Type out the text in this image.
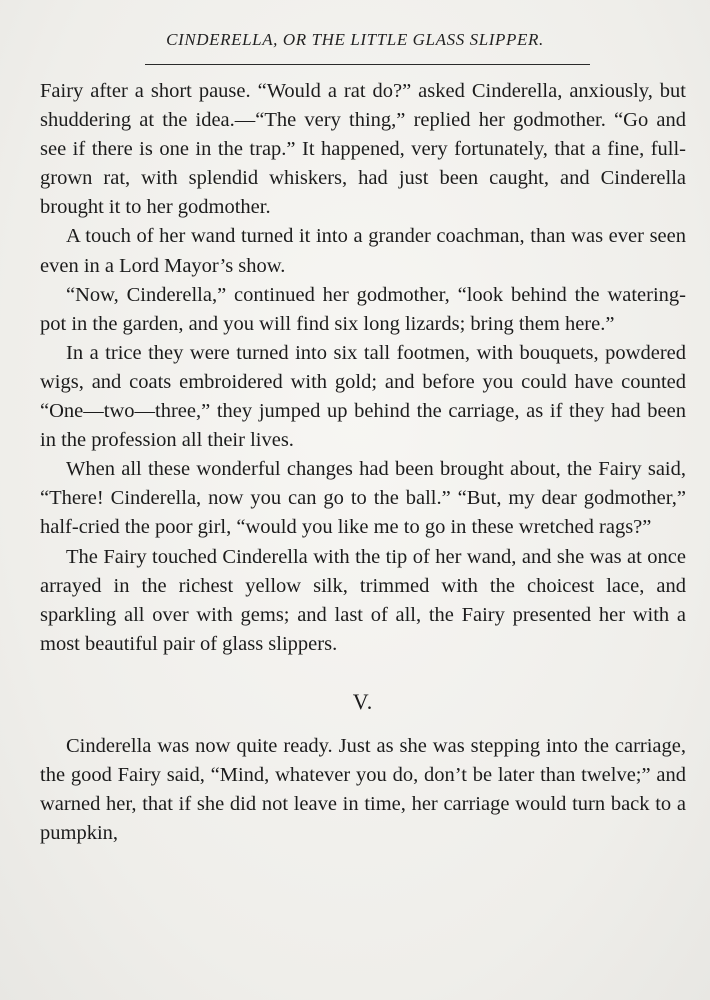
CINDERELLA, OR THE LITTLE GLASS SLIPPER.

Fairy after a short pause. “Would a rat do?” asked Cinderella, anxiously, but shuddering at the idea.—“The very thing,” replied her godmother. “Go and see if there is one in the trap.” It happened, very fortunately, that a fine, full-grown rat, with splendid whiskers, had just been caught, and Cinderella brought it to her godmother.

A touch of her wand turned it into a grander coachman, than was ever seen even in a Lord Mayor’s show.

“Now, Cinderella,” continued her godmother, “look behind the watering-pot in the garden, and you will find six long lizards; bring them here.”

In a trice they were turned into six tall footmen, with bouquets, powdered wigs, and coats embroidered with gold; and before you could have counted “One—two—three,” they jumped up behind the carriage, as if they had been in the profession all their lives.

When all these wonderful changes had been brought about, the Fairy said, “There! Cinderella, now you can go to the ball.” “But, my dear godmother,” half-cried the poor girl, “would you like me to go in these wretched rags?”

The Fairy touched Cinderella with the tip of her wand, and she was at once arrayed in the richest yellow silk, trimmed with the choicest lace, and sparkling all over with gems; and last of all, the Fairy presented her with a most beautiful pair of glass slippers.

V.

Cinderella was now quite ready. Just as she was stepping into the carriage, the good Fairy said, “Mind, whatever you do, don’t be later than twelve;” and warned her, that if she did not leave in time, her carriage would turn back to a pumpkin,
